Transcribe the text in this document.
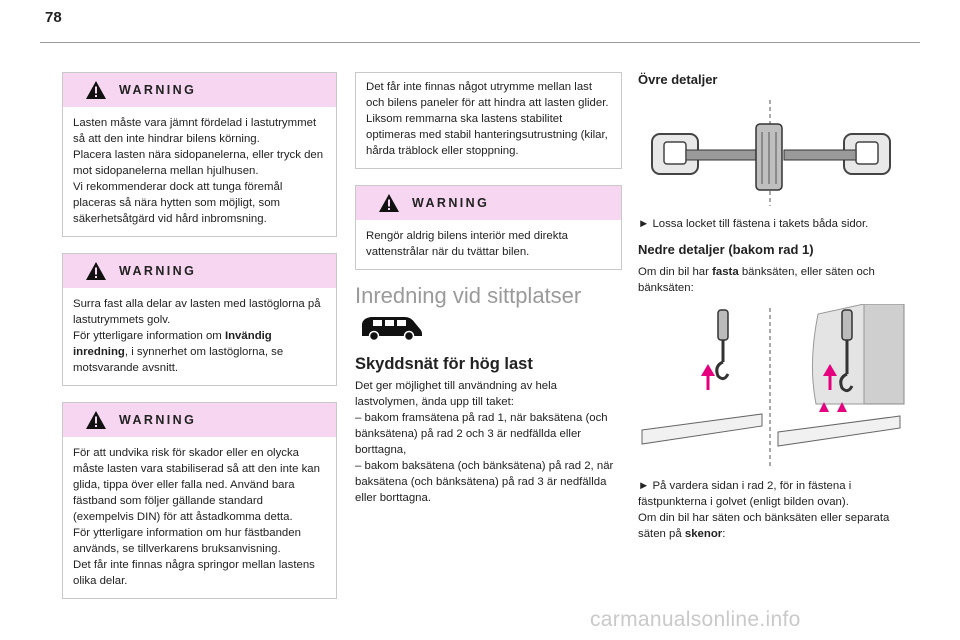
78
WARNING
Lasten måste vara jämnt fördelad i lastutrymmet så att den inte hindrar bilens körning.
Placera lasten nära sidopanelerna, eller tryck den mot sidopanelerna mellan hjulhusen.
Vi rekommenderar dock att tunga föremål placeras så nära hytten som möjligt, som säkerhetsåtgärd vid hård inbromsning.
WARNING
Surra fast alla delar av lasten med lastöglorna på lastutrymmets golv.
För ytterligare information om Invändig inredning, i synnerhet om lastöglorna, se motsvarande avsnitt.
WARNING
För att undvika risk för skador eller en olycka måste lasten vara stabiliserad så att den inte kan glida, tippa över eller falla ned. Använd bara fästband som följer gällande standard (exempelvis DIN) för att åstadkomma detta.
För ytterligare information om hur fästbanden används, se tillverkarens bruksanvisning.
Det får inte finnas några springor mellan lastens olika delar.
Det får inte finnas något utrymme mellan last och bilens paneler för att hindra att lasten glider.
Liksom remmarna ska lastens stabilitet optimeras med stabil hanteringsutrustning (kilar, hårda träblock eller stoppning.
WARNING
Rengör aldrig bilens interiör med direkta vattenstrålar när du tvättar bilen.
Inredning vid sittplatser
Skyddsnät för hög last
Det ger möjlighet till användning av hela lastvolymen, ända upp till taket:
– bakom framsätena på rad 1, när baksätena (och bänksätena) på rad 2 och 3 är nedfällda eller borttagna,
– bakom baksätena (och bänksätena) på rad 2, när baksätena (och bänksätena) på rad 3 är nedfällda eller borttagna.
Övre detaljer
► Lossa locket till fästena i takets båda sidor.
Nedre detaljer (bakom rad 1)
Om din bil har fasta bänksäten, eller säten och bänksäten:
► På vardera sidan i rad 2, för in fästena i fästpunkterna i golvet (enligt bilden ovan).
Om din bil har säten och bänksäten eller separata säten på skenor:
carmanualsonline.info
